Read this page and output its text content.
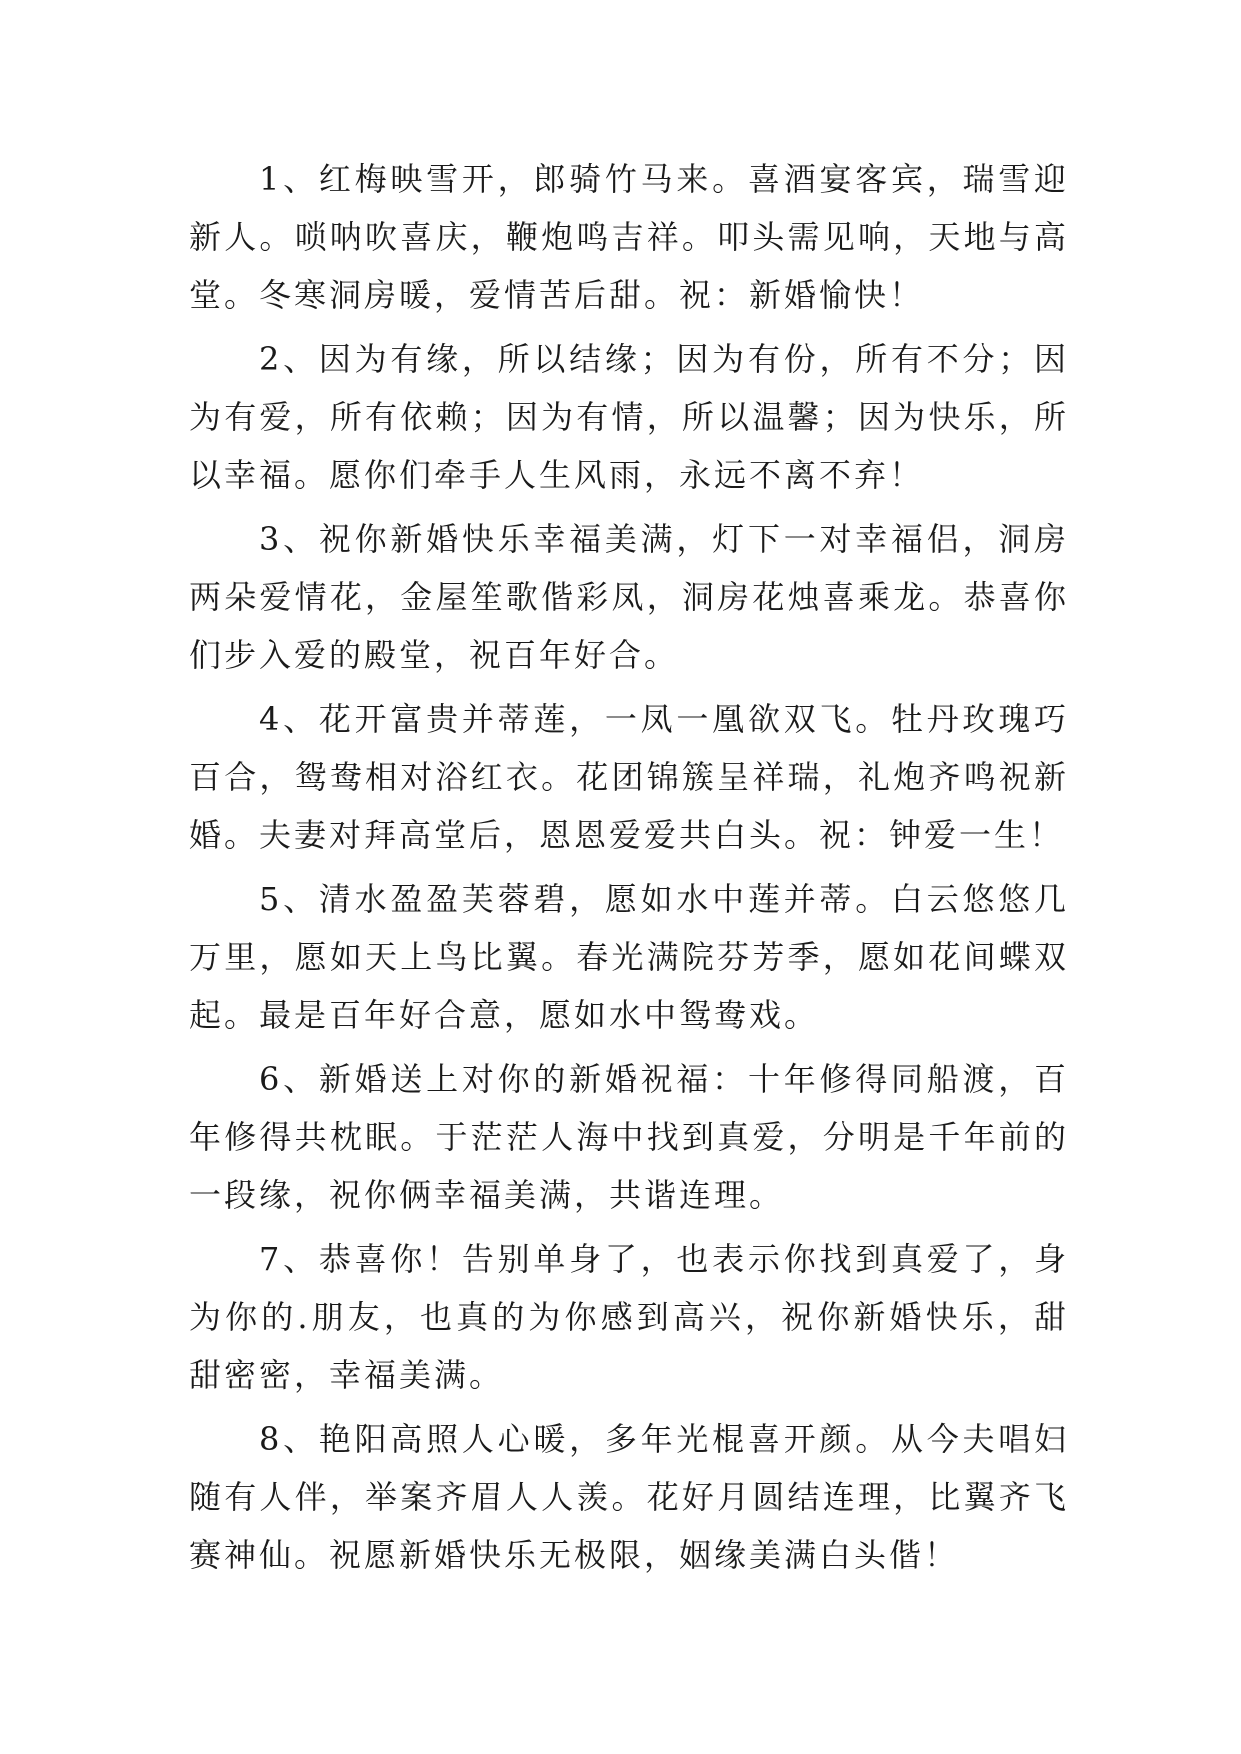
1、红梅映雪开，郎骑竹马来。喜酒宴客宾，瑞雪迎新人。唢呐吹喜庆，鞭炮鸣吉祥。叩头需见响，天地与高堂。冬寒洞房暖，爱情苦后甜。祝：新婚愉快！

2、因为有缘，所以结缘；因为有份，所有不分；因为有爱，所有依赖；因为有情，所以温馨；因为快乐，所以幸福。愿你们牵手人生风雨，永远不离不弃！

3、祝你新婚快乐幸福美满，灯下一对幸福侣，洞房两朵爱情花，金屋笙歌偕彩凤，洞房花烛喜乘龙。恭喜你们步入爱的殿堂，祝百年好合。

4、花开富贵并蒂莲，一凤一凰欲双飞。牡丹玫瑰巧百合，鸳鸯相对浴红衣。花团锦簇呈祥瑞，礼炮齐鸣祝新婚。夫妻对拜高堂后，恩恩爱爱共白头。祝：钟爱一生！

5、清水盈盈芙蓉碧，愿如水中莲并蒂。白云悠悠几万里，愿如天上鸟比翼。春光满院芬芳季，愿如花间蝶双起。最是百年好合意，愿如水中鸳鸯戏。

6、新婚送上对你的新婚祝福：十年修得同船渡，百年修得共枕眠。于茫茫人海中找到真爱，分明是千年前的一段缘，祝你俩幸福美满，共谐连理。

7、恭喜你！告别单身了，也表示你找到真爱了，身为你的.朋友，也真的为你感到高兴，祝你新婚快乐，甜甜密密，幸福美满。

8、艳阳高照人心暖，多年光棍喜开颜。从今夫唱妇随有人伴，举案齐眉人人羡。花好月圆结连理，比翼齐飞赛神仙。祝愿新婚快乐无极限，姻缘美满白头偕！
